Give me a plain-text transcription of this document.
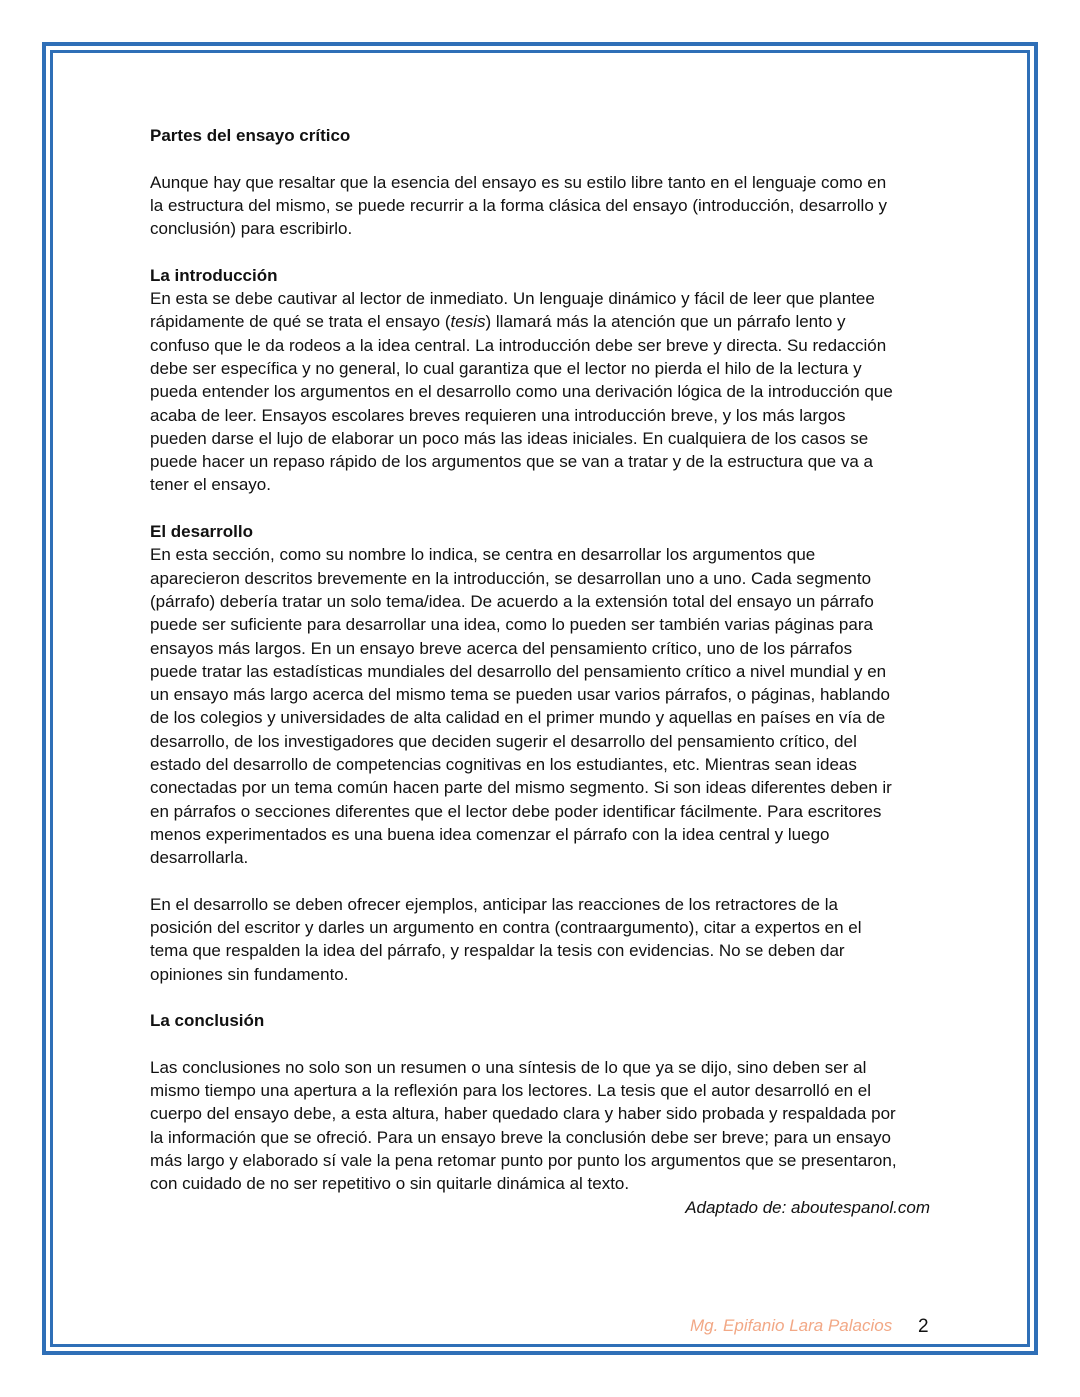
Partes del ensayo crítico
Aunque hay que resaltar que la esencia del ensayo es su estilo libre tanto en el lenguaje como en
la estructura del mismo, se puede recurrir a la forma clásica del ensayo (introducción, desarrollo y
conclusión) para escribirlo.
La introducción
En esta se debe cautivar al lector de inmediato. Un lenguaje dinámico y fácil de leer que plantee
rápidamente de qué se trata el ensayo (tesis) llamará más la atención que un párrafo lento y
confuso que le da rodeos a la idea central. La introducción debe ser breve y directa. Su redacción
debe ser específica y no general, lo cual garantiza que el lector no pierda el hilo de la lectura y
pueda entender los argumentos en el desarrollo como una derivación lógica de la introducción que
acaba de leer. Ensayos escolares breves requieren una introducción breve, y los más largos
pueden darse el lujo de elaborar un poco más las ideas iniciales. En cualquiera de los casos se
puede hacer un repaso rápido de los argumentos que se van a tratar y de la estructura que va a
tener el ensayo.
El desarrollo
En esta sección, como su nombre lo indica, se centra en desarrollar los argumentos que
aparecieron descritos brevemente en la introducción, se desarrollan uno a uno. Cada segmento
(párrafo) debería tratar un solo tema/idea. De acuerdo a la extensión total del ensayo un párrafo
puede ser suficiente para desarrollar una idea, como lo pueden ser también varias páginas para
ensayos más largos. En un ensayo breve acerca del pensamiento crítico, uno de los párrafos
puede tratar las estadísticas mundiales del desarrollo del pensamiento crítico a nivel mundial y en
un ensayo más largo acerca del mismo tema se pueden usar varios párrafos, o páginas, hablando
de los colegios y universidades de alta calidad en el primer mundo y aquellas en países en vía de
desarrollo, de los investigadores que deciden sugerir el desarrollo del pensamiento crítico, del
estado del desarrollo de competencias cognitivas en los estudiantes, etc. Mientras sean ideas
conectadas por un tema común hacen parte del mismo segmento. Si son ideas diferentes deben ir
en párrafos o secciones diferentes que el lector debe poder identificar fácilmente. Para escritores
menos experimentados es una buena idea comenzar el párrafo con la idea central y luego
desarrollarla.
En el desarrollo se deben ofrecer ejemplos, anticipar las reacciones de los retractores de la
posición del escritor y darles un argumento en contra (contraargumento), citar a expertos en el
tema que respalden la idea del párrafo, y respaldar la tesis con evidencias. No se deben dar
opiniones sin fundamento.
La conclusión
Las conclusiones no solo son un resumen o una síntesis de lo que ya se dijo, sino deben ser al
mismo tiempo una apertura a la reflexión para los lectores. La tesis que el autor desarrolló en el
cuerpo del ensayo debe, a esta altura, haber quedado clara y haber sido probada y respaldada por
la información que se ofreció. Para un ensayo breve la conclusión debe ser breve; para un ensayo
más largo y elaborado sí vale la pena retomar punto por punto los argumentos que se presentaron,
con cuidado de no ser repetitivo o sin quitarle dinámica al texto.
Adaptado de: aboutespanol.com
Mg. Epifanio Lara Palacios 2
